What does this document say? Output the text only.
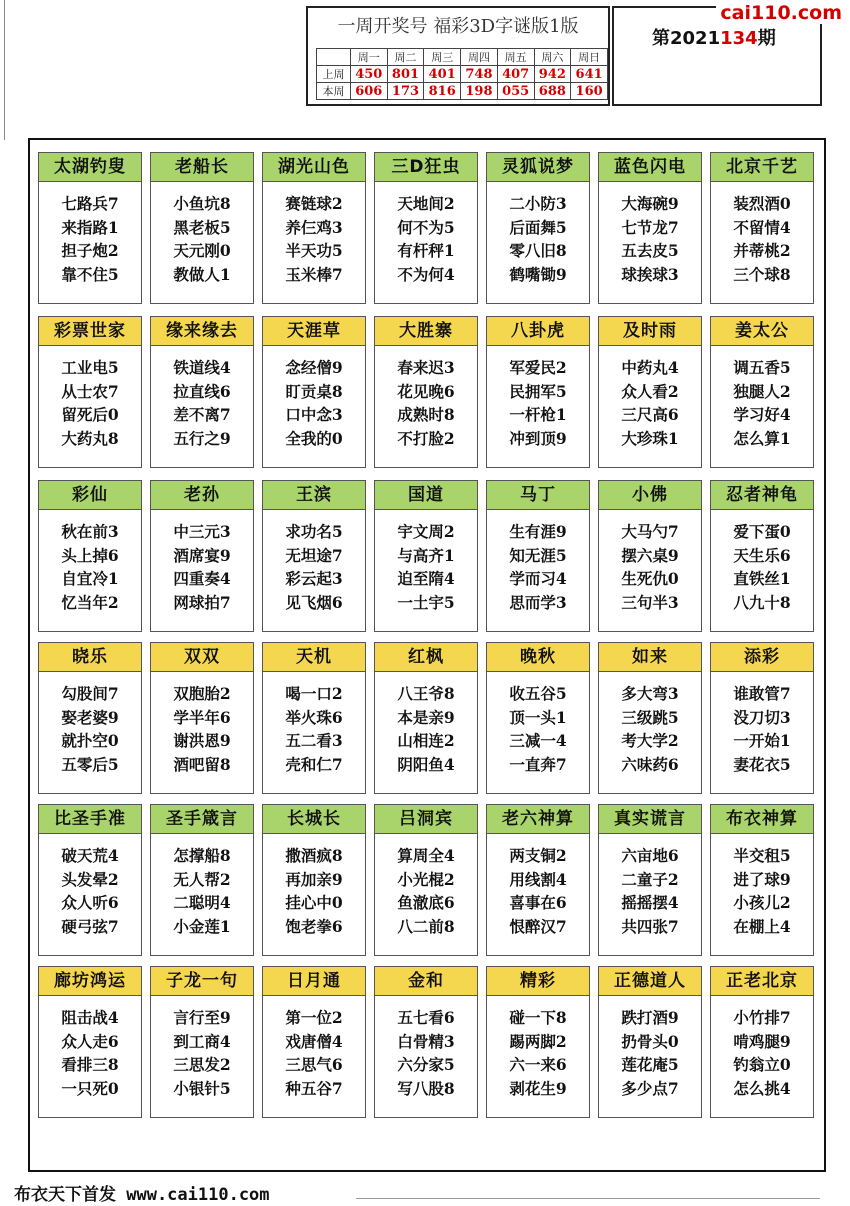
一周开奖号 福彩3D字谜版1版
	周一	周二	周三	周四	周五	周六	周日
上周	450	801	401	748	407	942	641
本周	606	173	816	198	055	688	160
第2021134期
cai110.com
太湖钓叟
七路兵7
来指路1
担子炮2
靠不住5
老船长
小鱼坑8
黑老板5
天元刚0
教做人1
湖光山色
赛链球2
养仨鸡3
半天功5
玉米棒7
三D狂虫
天地间2
何不为5
有杆秤1
不为何4
灵狐说梦
二小防3
后面舞5
零八旧8
鹤嘴锄9
蓝色闪电
大海碗9
七节龙7
五去皮5
球挨球3
北京千艺
装烈酒0
不留情4
并蒂桃2
三个球8
彩票世家
工业电5
从士农7
留死后0
大药丸8
缘来缘去
铁道线4
拉直线6
差不离7
五行之9
天涯草
念经僧9
盯贡桌8
口中念3
全我的0
大胜寨
春来迟3
花见晚6
成熟时8
不打脸2
八卦虎
军爱民2
民拥军5
一杆枪1
冲到顶9
及时雨
中药丸4
众人看2
三尺高6
大珍珠1
姜太公
调五香5
独腿人2
学习好4
怎么算1
彩仙
秋在前3
头上掉6
自宜冷1
忆当年2
老孙
中三元3
酒席宴9
四重奏4
网球拍7
王滨
求功名5
无坦途7
彩云起3
见飞烟6
国道
宇文周2
与高齐1
迫至隋4
一土宇5
马丁
生有涯9
知无涯5
学而习4
思而学3
小佛
大马勺7
摆六桌9
生死仇0
三句半3
忍者神龟
爱下蛋0
天生乐6
直铁丝1
八九十8
晓乐
勾股间7
娶老婆9
就扑空0
五零后5
双双
双胞胎2
学半年6
谢洪恩9
酒吧留8
天机
喝一口2
举火珠6
五二看3
壳和仁7
红枫
八王爷8
本是亲9
山相连2
阴阳鱼4
晚秋
收五谷5
顶一头1
三减一4
一直奔7
如来
多大弯3
三级跳5
考大学2
六味药6
添彩
谁敢管7
没刀切3
一开始1
妻花衣5
比圣手准
破天荒4
头发晕2
众人听6
硬弓弦7
圣手箴言
怎撑船8
无人帮2
二聪明4
小金莲1
长城长
撒酒疯8
再加亲9
挂心中0
饱老拳6
吕洞宾
算周全4
小光棍2
鱼澈底6
八二前8
老六神算
两支铜2
用线割4
喜事在6
恨醉汉7
真实谎言
六亩地6
二童子2
摇摇摆4
共四张7
布衣神算
半交租5
进了球9
小孩儿2
在棚上4
廊坊鸿运
阻击战4
众人走6
看排三8
一只死0
子龙一句
言行至9
到工商4
三思发2
小银针5
日月通
第一位2
戏唐僧4
三思气6
种五谷7
金和
五七看6
白骨精3
六分家5
写八股8
精彩
碰一下8
踢两脚2
六一来6
剥花生9
正德道人
跌打酒9
扔骨头0
莲花庵5
多少点7
正老北京
小竹排7
啃鸡腿9
钓翁立0
怎么挑4
布衣天下首发 www.cai110.com
